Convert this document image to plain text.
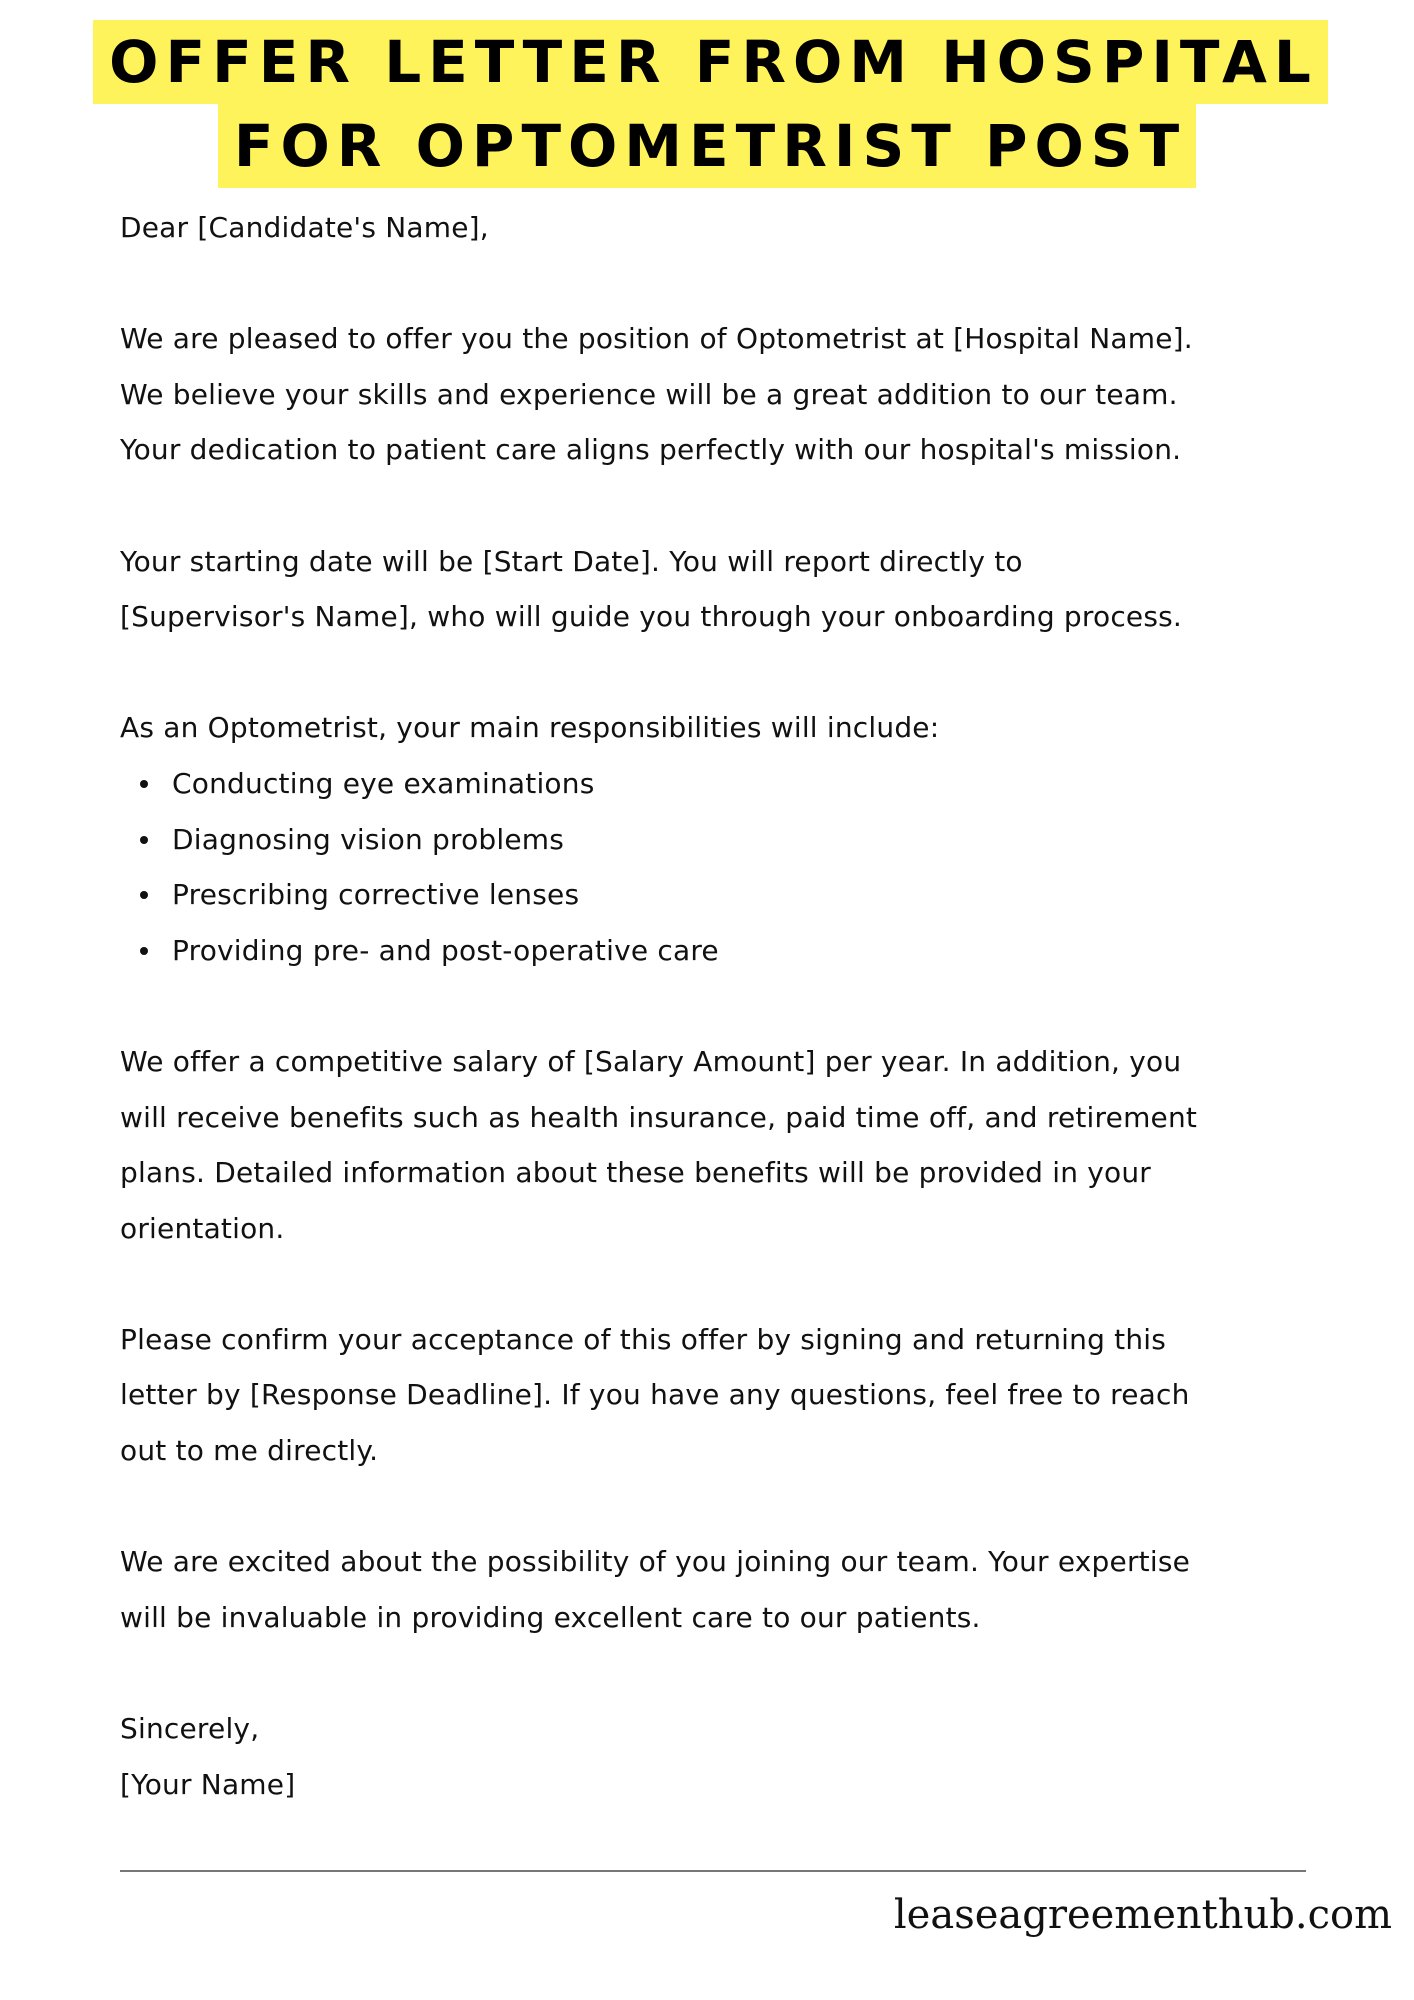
OFFER LETTER FROM HOSPITAL
FOR OPTOMETRIST POST

Dear [Candidate's Name],

We are pleased to offer you the position of Optometrist at [Hospital Name].

We believe your skills and experience will be a great addition to our team.

Your dedication to patient care aligns perfectly with our hospital's mission.

Your starting date will be [Start Date]. You will report directly to

[Supervisor's Name], who will guide you through your onboarding process.

As an Optometrist, your main responsibilities will include:

Conducting eye examinations
Diagnosing vision problems
Prescribing corrective lenses
Providing pre- and post-operative care

We offer a competitive salary of [Salary Amount] per year. In addition, you

will receive benefits such as health insurance, paid time off, and retirement

plans. Detailed information about these benefits will be provided in your

orientation.

Please confirm your acceptance of this offer by signing and returning this

letter by [Response Deadline]. If you have any questions, feel free to reach

out to me directly.

We are excited about the possibility of you joining our team. Your expertise

will be invaluable in providing excellent care to our patients.

Sincerely,

[Your Name]

leaseagreementhub.com
